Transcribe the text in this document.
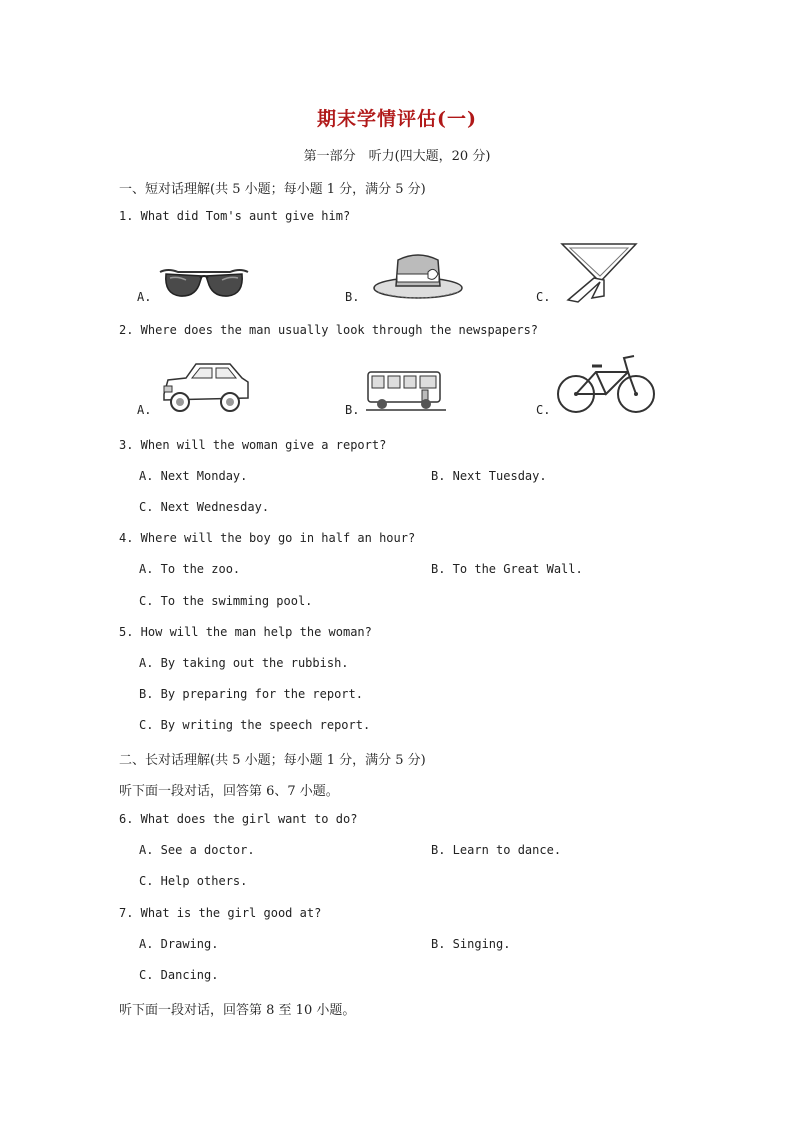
期末学情评估(一)
第一部分　听力(四大题，20 分)
一、短对话理解(共 5 小题；每小题 1 分，满分 5 分)
1. What did Tom's aunt give him?
A.	B.	C.
2. Where does the man usually look through the newspapers?
A.	B.	C.
3. When will the woman give a report?
A. Next Monday.	B. Next Tuesday.
C. Next Wednesday.
4. Where will the boy go in half an hour?
A. To the zoo.	B. To the Great Wall.
C. To the swimming pool.
5. How will the man help the woman?
A. By taking out the rubbish.
B. By preparing for the report.
C. By writing the speech report.
二、长对话理解(共 5 小题；每小题 1 分，满分 5 分)
听下面一段对话，回答第 6、7 小题。
6. What does the girl want to do?
A. See a doctor.	B. Learn to dance.
C. Help others.
7. What is the girl good at?
A. Drawing.	B. Singing.
C. Dancing.
听下面一段对话，回答第 8 至 10 小题。
